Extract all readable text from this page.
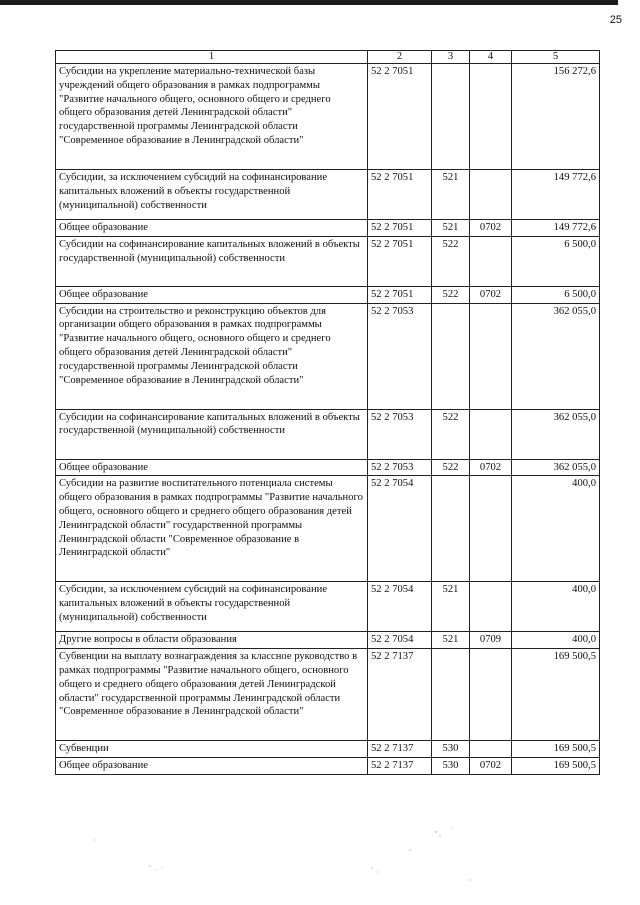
25
1	2	3	4	5
Субсидии на укрепление материально-технической базы учреждений общего образования в рамках подпрограммы "Развитие начального общего, основного общего и среднего общего образования детей Ленинградской области" государственной программы Ленинградской области "Современное образование в Ленинградской области"	52 2 7051			156 272,6
Субсидии, за исключением субсидий на софинансирование капитальных вложений в объекты государственной (муниципальной) собственности	52 2 7051	521		149 772,6
Общее образование	52 2 7051	521	0702	149 772,6
Субсидии на софинансирование капитальных вложений в объекты государственной (муниципальной) собственности	52 2 7051	522		6 500,0
Общее образование	52 2 7051	522	0702	6 500,0
Субсидии на строительство и реконструкцию объектов для организации общего образования в рамках подпрограммы "Развитие начального общего, основного общего и среднего общего образования детей Ленинградской области" государственной программы Ленинградской области "Современное образование в Ленинградской области"	52 2 7053			362 055,0
Субсидии на софинансирование капитальных вложений в объекты государственной (муниципальной) собственности	52 2 7053	522		362 055,0
Общее образование	52 2 7053	522	0702	362 055,0
Субсидии на развитие воспитательного потенциала системы общего образования в рамках подпрограммы "Развитие начального общего, основного общего и среднего общего образования детей Ленинградской области" государственной программы Ленинградской области "Современное образование в Ленинградской области"	52 2 7054			400,0
Субсидии, за исключением субсидий на софинансирование капитальных вложений в объекты государственной (муниципальной) собственности	52 2 7054	521		400,0
Другие вопросы в области образования	52 2 7054	521	0709	400,0
Субвенции на выплату вознаграждения за классное руководство в рамках подпрограммы "Развитие начального общего, основного общего и среднего общего образования детей Ленинградской области" государственной программы Ленинградской области "Современное образование в Ленинградской области"	52 2 7137			169 500,5
Субвенции	52 2 7137	530		169 500,5
Общее образование	52 2 7137	530	0702	169 500,5
